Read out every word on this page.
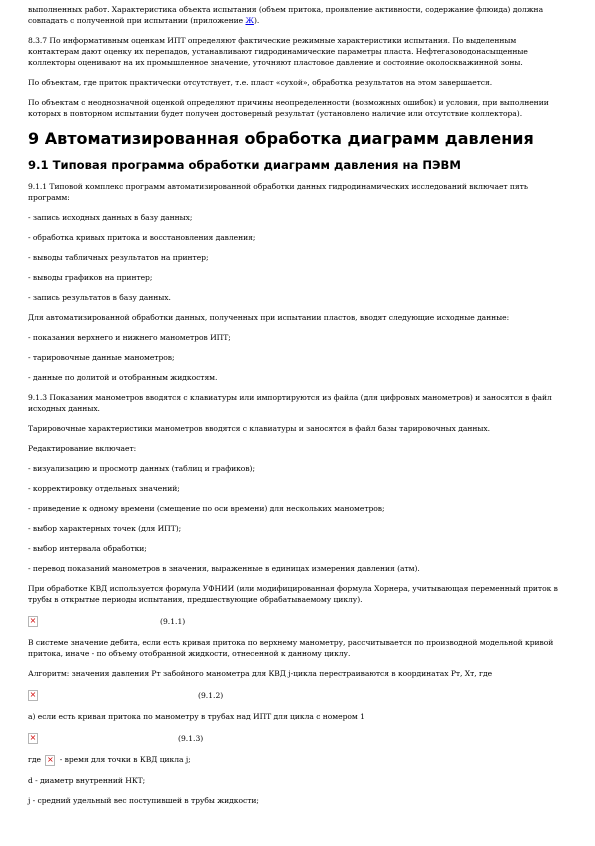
выполненных работ. Характеристика объекта испытания (объем притока, проявление активности, содержание флюида) должна совпадать с полученной при испытании (приложение Ж).

8.3.7 По информативным оценкам ИПТ определяют фактические режимные характеристики испытания. По выделенным контактерам дают оценку их перепадов, устанавливают гидродинамические параметры пласта. Нефтегазоводонасыщенные коллекторы оценивают на их промышленное значение, уточняют пластовое давление и состояние околоскважинной зоны.

По объектам, где приток практически отсутствует, т.е. пласт «сухой», обработка результатов на этом завершается.

По объектам с неоднозначной оценкой определяют причины неопределенности (возможных ошибок) и условия, при выполнении которых в повторном испытании будет получен достоверный результат (установлено наличие или отсутствие коллектора).

9 Автоматизированная обработка диаграмм давления
9.1 Типовая программа обработки диаграмм давления на ПЭВМ

9.1.1 Типовой комплекс программ автоматизированной обработки данных гидродинамических исследований включает пять программ:

- запись исходных данных в базу данных;

- обработка кривых притока и восстановления давления;

- выводы табличных результатов на принтер;

- выводы графиков на принтер;

- запись результатов в базу данных.

Для автоматизированной обработки данных, полученных при испытании пластов, вводят следующие исходные данные:

- показания верхнего и нижнего манометров ИПТ;

- тарировочные данные манометров;

- данные по долитой и отобранным жидкостям.

9.1.3 Показания манометров вводятся с клавиатуры или импортируются из файла (для цифровых манометров) и заносятся в файл исходных данных.

Тарировочные характеристики манометров вводятся с клавиатуры и заносятся в файл базы тарировочных данных.

Редактирование включает:

- визуализацию и просмотр данных (таблиц и графиков);

- корректировку отдельных значений;

- приведение к одному времени (смещение по оси времени) для нескольких манометров;

- выбор характерных точек (для ИПТ);

- выбор интервала обработки;

- перевод показаний манометров в значения, выраженные в единицах измерения давления (атм).

При обработке КВД используется формула УФНИИ (или модифицированная формула Хорнера, учитывающая переменный приток в трубы в открытые периоды испытания, предшествующие обрабатываемому циклу).

×	(9.1.1)

В системе значение дебита, если есть кривая притока по верхнему манометру, рассчитывается по производной модельной кривой притока, иначе - по объему отобранной жидкости, отнесенной к данному циклу.

Алгоритм: значения давления Pт забойного манометра для КВД j-цикла перестраиваются в координатах Pт, Xт, где

×	(9.1.2)

а) если есть кривая притока по манометру в трубах над ИПТ для цикла с номером 1

×	(9.1.3)

где × - время для точки в КВД цикла j;

d - диаметр внутренний НКТ;

j - средний удельный вес поступившей в трубы жидкости;
